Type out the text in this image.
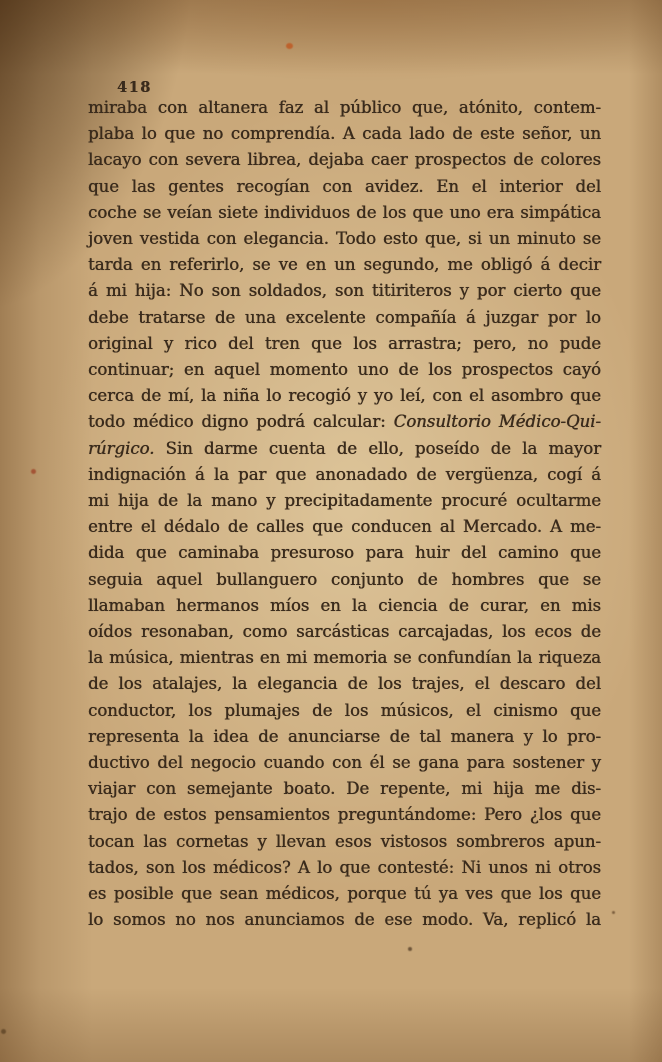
418
miraba con altanera faz al público que, atónito, contem-
plaba lo que no comprendía. A cada lado de este señor, un
lacayo con severa librea, dejaba caer prospectos de colores
que las gentes recogían con avidez. En el interior del
coche se veían siete individuos de los que uno era simpática
joven vestida con elegancia. Todo esto que, si un minuto se
tarda en referirlo, se ve en un segundo, me obligó á decir
á mi hija: No son soldados, son titiriteros y por cierto que
debe tratarse de una excelente compañía á juzgar por lo
original y rico del tren que los arrastra; pero, no pude
continuar; en aquel momento uno de los prospectos cayó
cerca de mí, la niña lo recogió y yo leí, con el asombro que
todo médico digno podrá calcular: Consultorio Médico-Qui-
rúrgico. Sin darme cuenta de ello, poseído de la mayor
indignación á la par que anonadado de vergüenza, cogí á
mi hija de la mano y precipitadamente procuré ocultarme
entre el dédalo de calles que conducen al Mercado. A me-
dida que caminaba presuroso para huir del camino que
seguia aquel bullanguero conjunto de hombres que se
llamaban hermanos míos en la ciencia de curar, en mis
oídos resonaban, como sarcásticas carcajadas, los ecos de
la música, mientras en mi memoria se confundían la riqueza
de los atalajes, la elegancia de los trajes, el descaro del
conductor, los plumajes de los músicos, el cinismo que
representa la idea de anunciarse de tal manera y lo pro-
ductivo del negocio cuando con él se gana para sostener y
viajar con semejante boato. De repente, mi hija me dis-
trajo de estos pensamientos preguntándome: Pero ¿los que
tocan las cornetas y llevan esos vistosos sombreros apun-
tados, son los médicos? A lo que contesté: Ni unos ni otros
es posible que sean médicos, porque tú ya ves que los que
lo somos no nos anunciamos de ese modo. Va, replicó la
